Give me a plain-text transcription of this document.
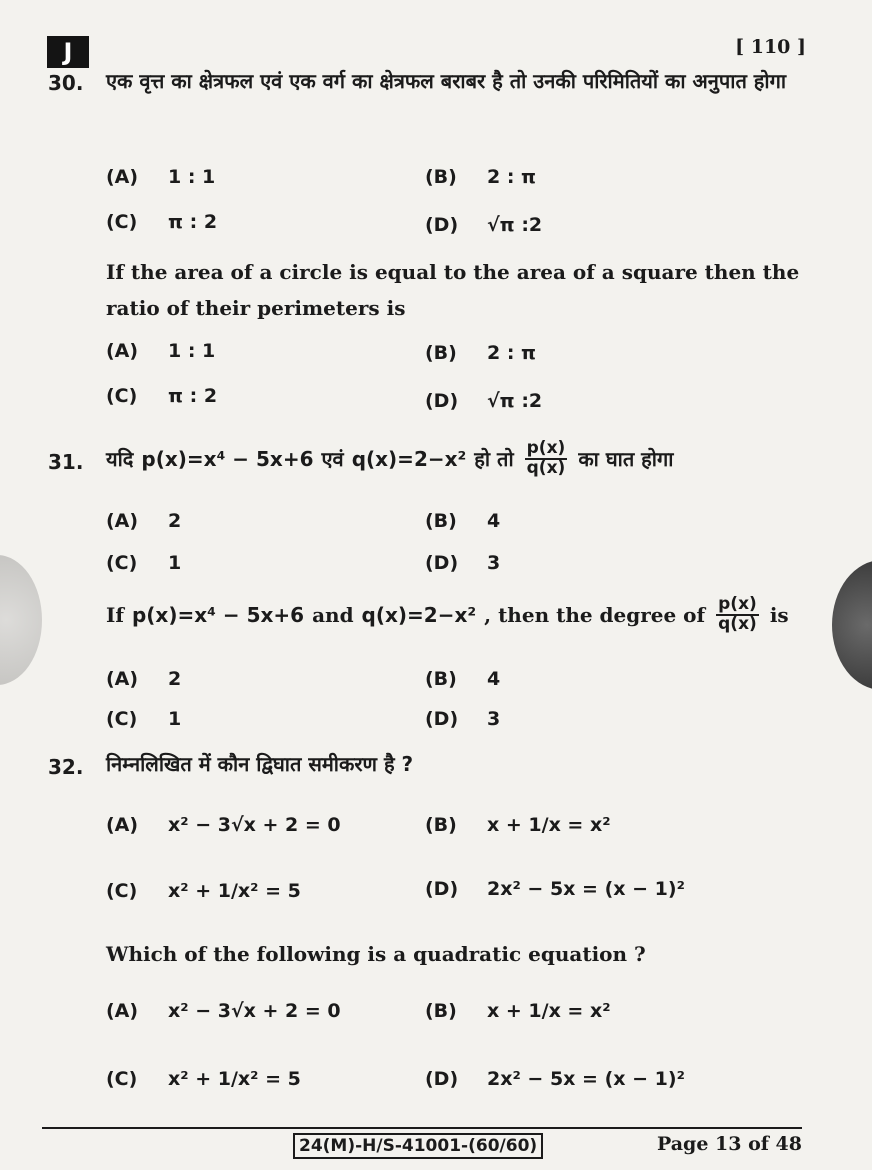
J	[ 110 ]
30. एक वृत्त का क्षेत्रफल एवं एक वर्ग का क्षेत्रफल बराबर है तो उनकी परिमितियों का अनुपात होगा
(A)	1 : 1	(B)	2 : π
(C)	π : 2	(D)	√π :2
If the area of a circle is equal to the area of a square then the ratio of their perimeters is
(A)	1 : 1	(B)	2 : π
(C)	π : 2	(D)	√π :2
31. यदि p(x)=x⁴ − 5x+6 एवं q(x)=2−x² हो तो $\frac{p(x)}{q(x)}$ का घात होगा
(A)	2	(B)	4
(C)	1	(D)	3
If p(x)=x⁴ − 5x+6 and q(x)=2−x² , then the degree of $\frac{p(x)}{q(x)}$ is
(A)	2	(B)	4
(C)	1	(D)	3
32. निम्नलिखित में कौन द्विघात समीकरण है ?
(A)	x² − 3√x + 2 = 0	(B)	x + 1/x = x²
(C)	x² + 1/x² = 5	(D)	2x² − 5x = (x − 1)²
Which of the following is a quadratic equation ?
(A)	x² − 3√x + 2 = 0	(B)	x + 1/x = x²
(C)	x² + 1/x² = 5	(D)	2x² − 5x = (x − 1)²
24(M)-H/S-41001-(60/60)	Page 13 of 48
